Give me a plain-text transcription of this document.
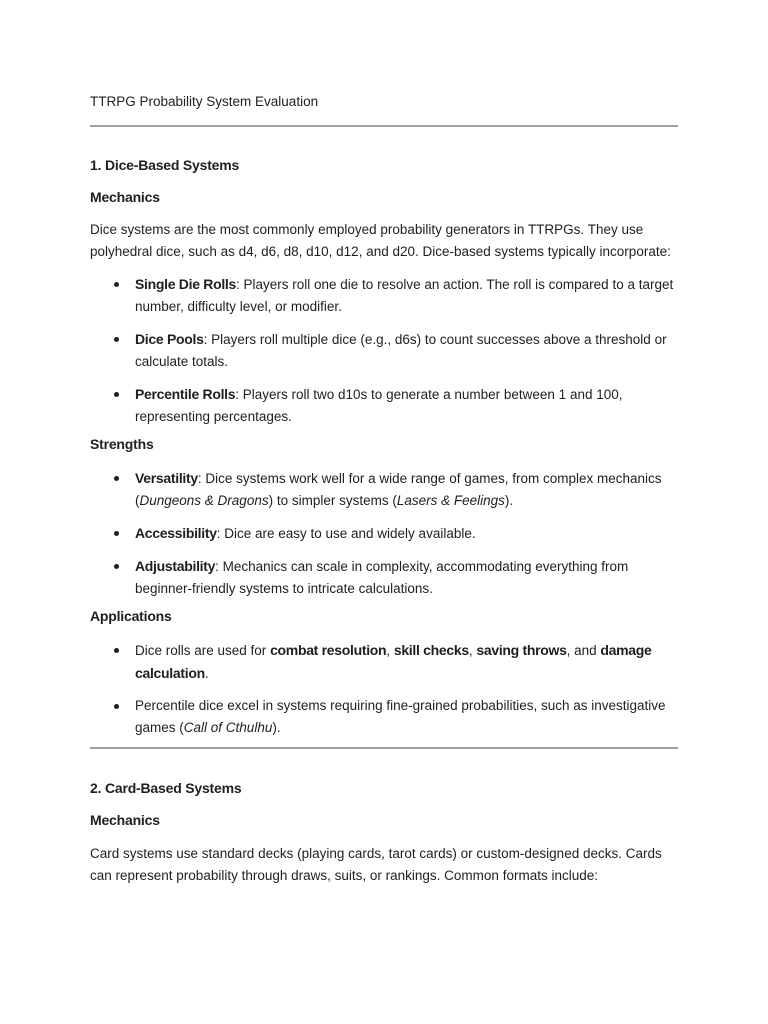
TTRPG Probability System Evaluation

1. Dice-Based Systems
Mechanics

Dice systems are the most commonly employed probability generators in TTRPGs. They use polyhedral dice, such as d4, d6, d8, d10, d12, and d20. Dice-based systems typically incorporate:

Single Die Rolls: Players roll one die to resolve an action. The roll is compared to a target number, difficulty level, or modifier.
Dice Pools: Players roll multiple dice (e.g., d6s) to count successes above a threshold or calculate totals.
Percentile Rolls: Players roll two d10s to generate a number between 1 and 100, representing percentages.
Strengths
Versatility: Dice systems work well for a wide range of games, from complex mechanics (Dungeons & Dragons) to simpler systems (Lasers & Feelings).
Accessibility: Dice are easy to use and widely available.
Adjustability: Mechanics can scale in complexity, accommodating everything from beginner-friendly systems to intricate calculations.
Applications
Dice rolls are used for combat resolution, skill checks, saving throws, and damage calculation.
Percentile dice excel in systems requiring fine-grained probabilities, such as investigative games (Call of Cthulhu).
2. Card-Based Systems
Mechanics

Card systems use standard decks (playing cards, tarot cards) or custom-designed decks. Cards can represent probability through draws, suits, or rankings. Common formats include:
